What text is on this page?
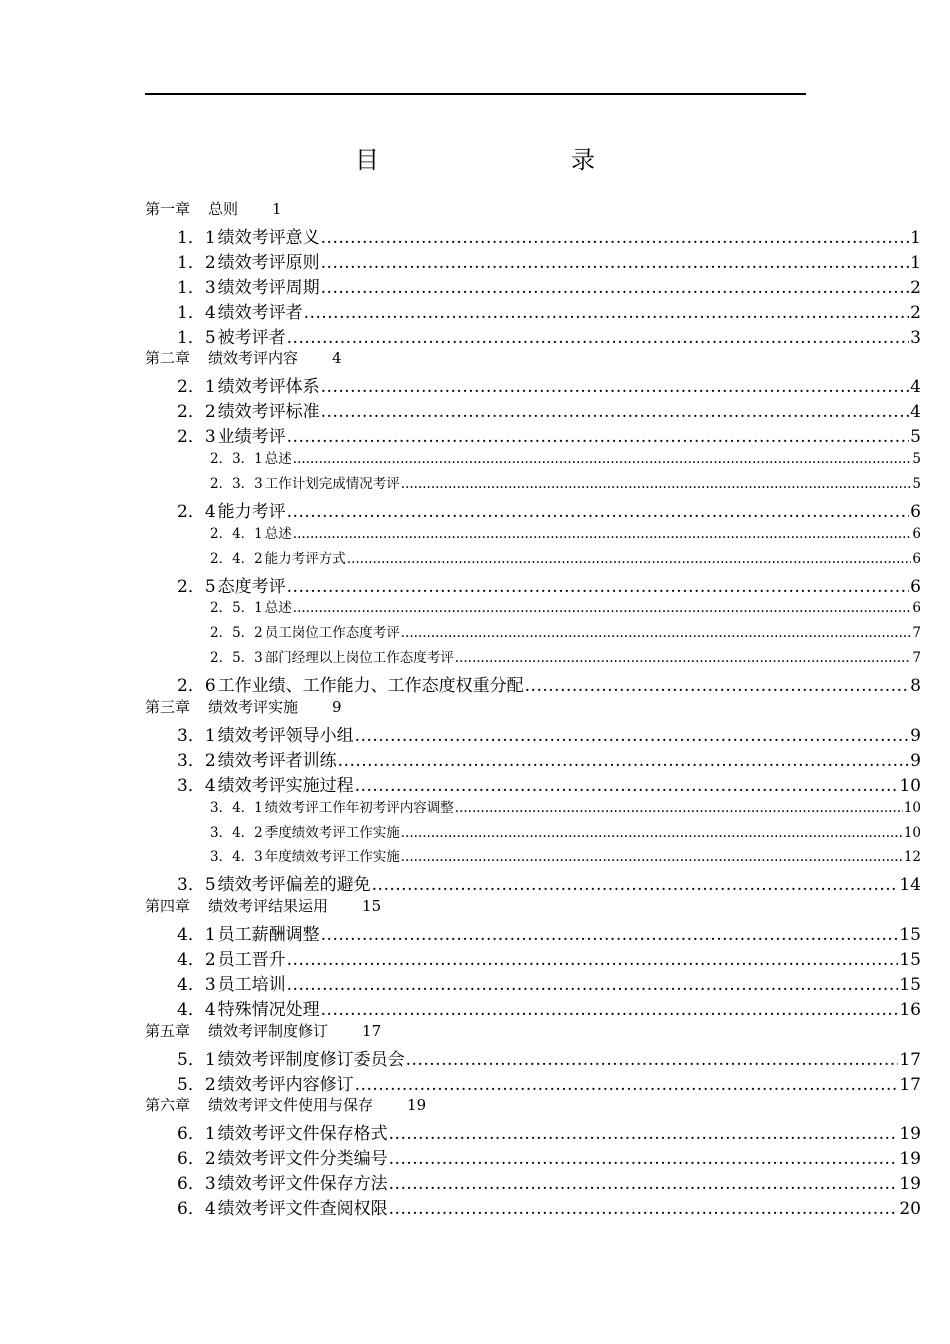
目　　录
第一章 总则 1
1．1 绩效考评意义 .....	1
1．2 绩效考评原则 .....	1
1．3 绩效考评周期 .....	2
1．4 绩效考评者 .....	2
1．5 被考评者 .....	3
第二章 绩效考评内容 4
2．1 绩效考评体系 .....	4
2．2 绩效考评标准 .....	4
2．3 业绩考评 .....	5
2．3．1 总述 .....	5
2．3．3 工作计划完成情况考评 .....	5
2．4 能力考评 .....	6
2．4．1 总述 .....	6
2．4．2 能力考评方式 .....	6
2．5 态度考评 .....	6
2．5．1 总述 .....	6
2．5．2 员工岗位工作态度考评 .....	7
2．5．3 部门经理以上岗位工作态度考评 .....	7
2．6 工作业绩、工作能力、工作态度权重分配 .....	8
第三章 绩效考评实施 9
3．1 绩效考评领导小组 .....	9
3．2 绩效考评者训练 .....	9
3．4 绩效考评实施过程 .....	10
3．4．1 绩效考评工作年初考评内容调整 .....	10
3．4．2 季度绩效考评工作实施 .....	10
3．4．3 年度绩效考评工作实施 .....	12
3．5 绩效考评偏差的避免 .....	14
第四章 绩效考评结果运用 15
4．1 员工薪酬调整 .....	15
4．2 员工晋升 .....	15
4．3 员工培训 .....	15
4．4 特殊情况处理 .....	16
第五章 绩效考评制度修订 17
5．1 绩效考评制度修订委员会 .....	17
5．2 绩效考评内容修订 .....	17
第六章 绩效考评文件使用与保存 19
6．1 绩效考评文件保存格式 .....	19
6．2 绩效考评文件分类编号 .....	19
6．3 绩效考评文件保存方法 .....	19
6．4 绩效考评文件查阅权限 .....	20
